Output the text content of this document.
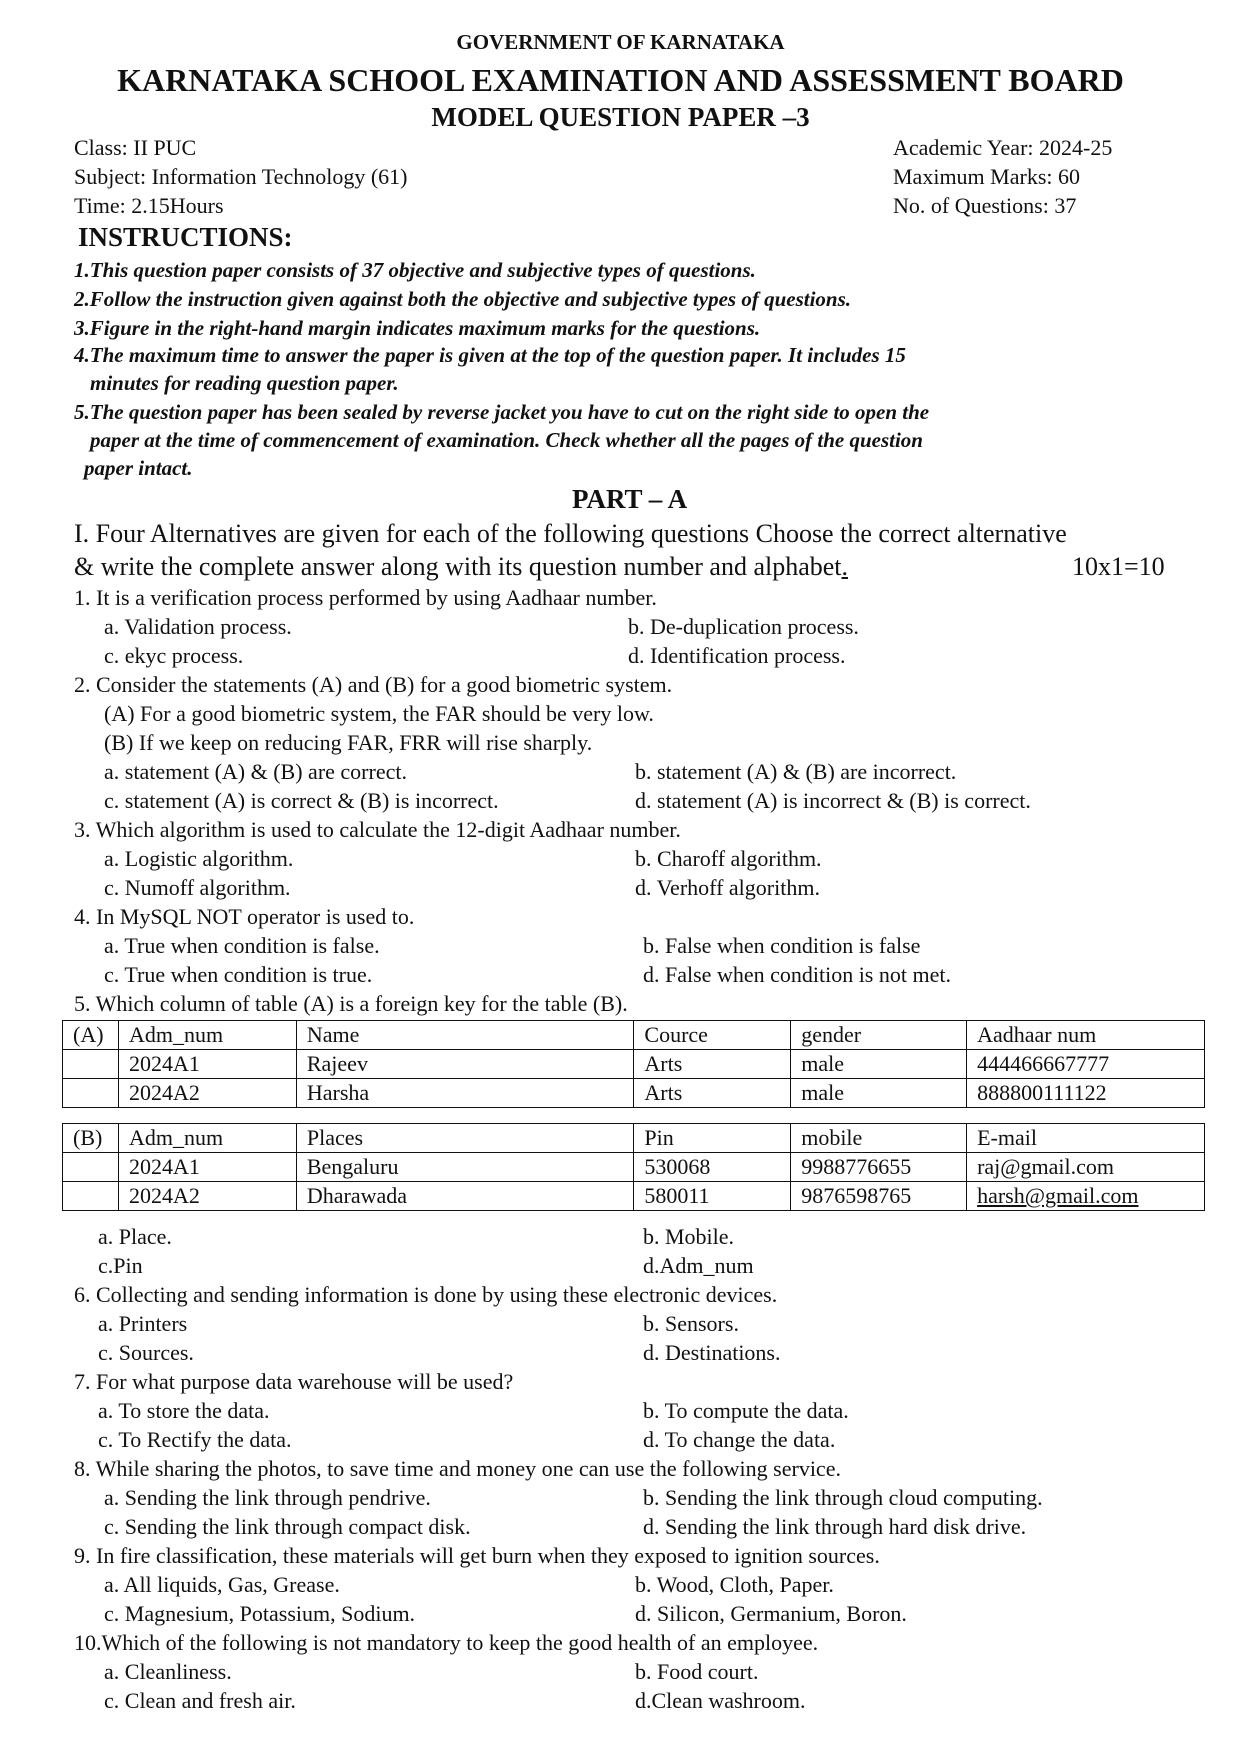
GOVERNMENT OF KARNATAKA
KARNATAKA SCHOOL EXAMINATION AND ASSESSMENT BOARD
MODEL QUESTION PAPER –3
Class: II PUC
Subject: Information Technology (61)
Time: 2.15Hours
Academic Year: 2024-25
Maximum Marks: 60
No. of Questions: 37
INSTRUCTIONS:
1.This question paper consists of 37 objective and subjective types of questions.
2.Follow the instruction given against both the objective and subjective types of questions.
3.Figure in the right-hand margin indicates maximum marks for the questions.
4.The maximum time to answer the paper is given at the top of the question paper. It includes 15
minutes for reading question paper.
5.The question paper has been sealed by reverse jacket you have to cut on the right side to open the
paper at the time of commencement of examination. Check whether all the pages of the question
paper intact.
PART – A
I. Four Alternatives are given for each of the following questions Choose the correct alternative
& write the complete answer along with its question number and alphabet.	10x1=10
1. It is a verification process performed by using Aadhaar number.
a. Validation process.	b. De-duplication process.
c. ekyc process.	d. Identification process.
2. Consider the statements (A) and (B) for a good biometric system.
(A) For a good biometric system, the FAR should be very low.
(B) If we keep on reducing FAR, FRR will rise sharply.
a. statement (A) & (B) are correct.	b. statement (A) & (B) are incorrect.
c. statement (A) is correct & (B) is incorrect.	d. statement (A) is incorrect & (B) is correct.
3. Which algorithm is used to calculate the 12-digit Aadhaar number.
a. Logistic algorithm.	b. Charoff algorithm.
c. Numoff algorithm.	d. Verhoff algorithm.
4. In MySQL NOT operator is used to.
a. True when condition is false.	b. False when condition is false
c. True when condition is true.	d. False when condition is not met.
5. Which column of table (A) is a foreign key for the table (B).
(A)	Adm_num	Name	Cource	gender	Aadhaar num
	2024A1	Rajeev	Arts	male	444466667777
	2024A2	Harsha	Arts	male	888800111122
(B)	Adm_num	Places	Pin	mobile	E-mail
	2024A1	Bengaluru	530068	9988776655	raj@gmail.com
	2024A2	Dharawada	580011	9876598765	harsh@gmail.com
a. Place.	b. Mobile.
c.Pin	d.Adm_num
6. Collecting and sending information is done by using these electronic devices.
a. Printers	b. Sensors.
c. Sources.	d. Destinations.
7. For what purpose data warehouse will be used?
a. To store the data.	b. To compute the data.
c. To Rectify the data.	d. To change the data.
8. While sharing the photos, to save time and money one can use the following service.
a. Sending the link through pendrive.	b. Sending the link through cloud computing.
c. Sending the link through compact disk.	d. Sending the link through hard disk drive.
9. In fire classification, these materials will get burn when they exposed to ignition sources.
a. All liquids, Gas, Grease.	b. Wood, Cloth, Paper.
c. Magnesium, Potassium, Sodium.	d. Silicon, Germanium, Boron.
10.Which of the following is not mandatory to keep the good health of an employee.
a. Cleanliness.	b. Food court.
c. Clean and fresh air.	d.Clean washroom.
